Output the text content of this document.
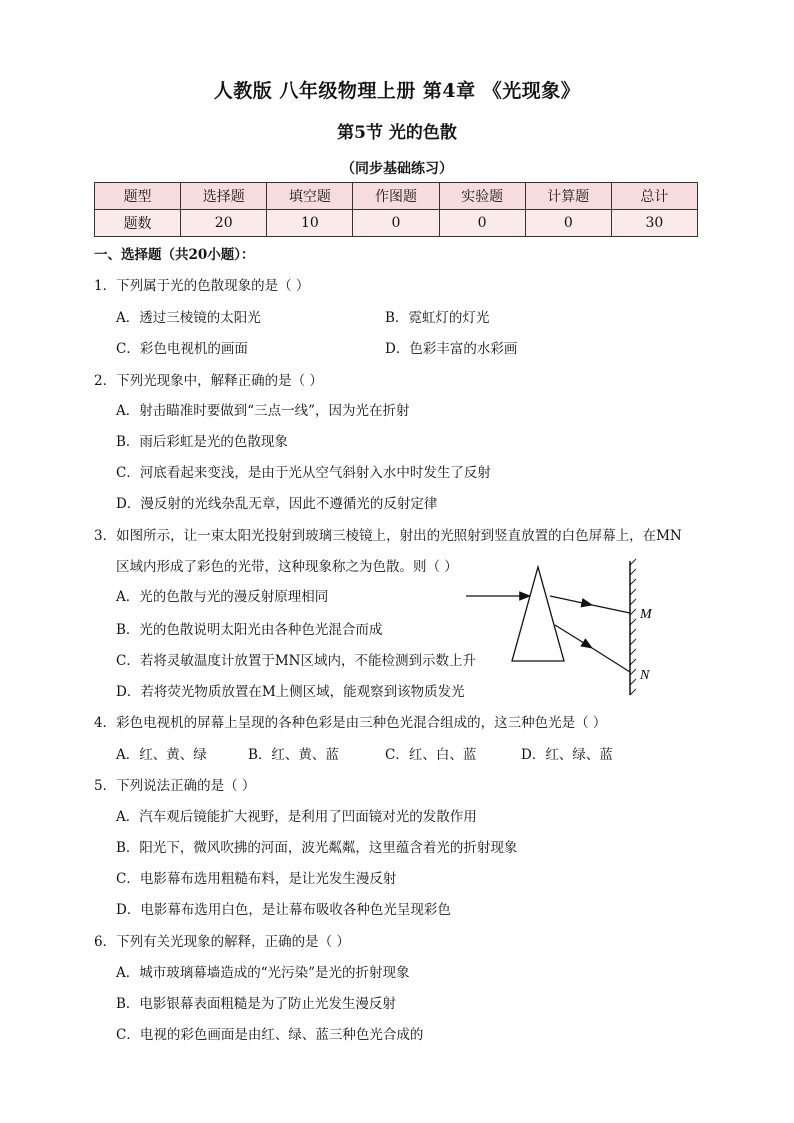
人教版 八年级物理上册 第4章 《光现象》
第5节 光的色散
（同步基础练习）
题型	选择题	填空题	作图题	实验题	计算题	总计
题数	20	10	0	0	0	30
一、选择题（共20小题）：
1．下列属于光的色散现象的是（ ）
A．透过三棱镜的太阳光	B．霓虹灯的灯光
C．彩色电视机的画面	D．色彩丰富的水彩画
2．下列光现象中，解释正确的是（ ）
A．射击瞄准时要做到“三点一线”，因为光在折射
B．雨后彩虹是光的色散现象
C．河底看起来变浅，是由于光从空气斜射入水中时发生了反射
D．漫反射的光线杂乱无章，因此不遵循光的反射定律
3．如图所示，让一束太阳光投射到玻璃三棱镜上，射出的光照射到竖直放置的白色屏幕上，在MN
区域内形成了彩色的光带，这种现象称之为色散。则（ ）
A．光的色散与光的漫反射原理相同
B．光的色散说明太阳光由各种色光混合而成
C．若将灵敏温度计放置于MN区域内，不能检测到示数上升
D．若将荧光物质放置在M上侧区域，能观察到该物质发光
M
N
4．彩色电视机的屏幕上呈现的各种色彩是由三种色光混合组成的，这三种色光是（ ）
A．红、黄、绿	B．红、黄、蓝	C．红、白、蓝	D．红、绿、蓝
5．下列说法正确的是（ ）
A．汽车观后镜能扩大视野，是利用了凹面镜对光的发散作用
B．阳光下，微风吹拂的河面，波光粼粼，这里蕴含着光的折射现象
C．电影幕布选用粗糙布料，是让光发生漫反射
D．电影幕布选用白色，是让幕布吸收各种色光呈现彩色
6．下列有关光现象的解释，正确的是（ ）
A．城市玻璃幕墙造成的“光污染”是光的折射现象
B．电影银幕表面粗糙是为了防止光发生漫反射
C．电视的彩色画面是由红、绿、蓝三种色光合成的
